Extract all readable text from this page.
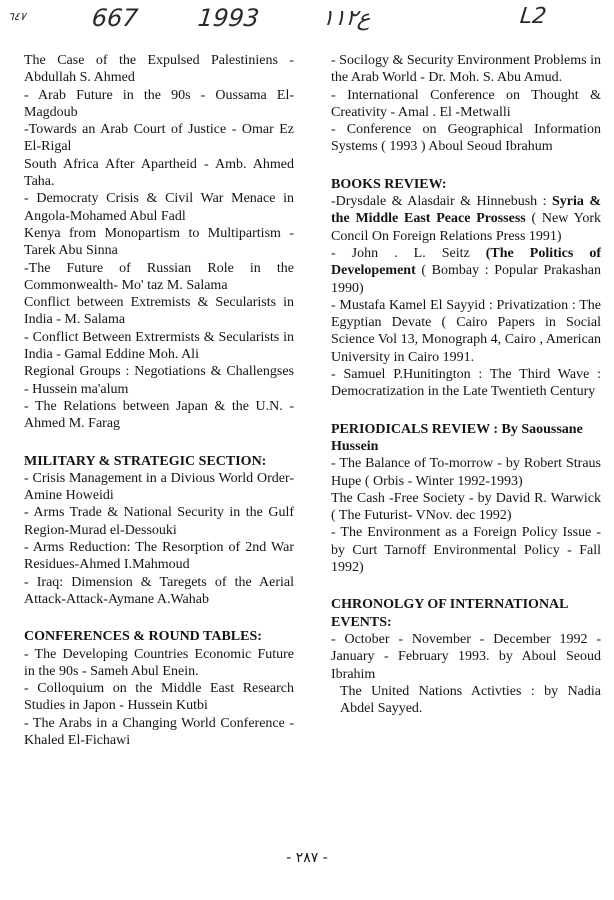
٦٤٧	667 1993	ع١١٢	L2

The Case of the Expulsed Palestiniens - Abdullah S. Ahmed

- Arab Future in the 90s - Oussama El-Magdoub

-Towards an Arab Court of Justice - Omar Ez El-Rigal

South Africa After Apartheid - Amb. Ahmed Taha.

- Democraty Crisis & Civil War Menace in Angola-Mohamed Abul Fadl

Kenya from Monopartism to Multipartism - Tarek Abu Sinna

-The Future of Russian Role in the Commonwealth- Mo' taz M. Salama

Conflict between Extremists & Secularists in India - M. Salama

- Conflict Between Extrermists & Secularists in India - Gamal Eddine Moh. Ali

Regional Groups : Negotiations & Challengses - Hussein ma'alum

- The Relations between Japan & the U.N. - Ahmed M. Farag

MILITARY & STRATEGIC SECTION:

- Crisis Management in a Divious World Order-Amine Howeidi

- Arms Trade & National Security in the Gulf Region-Murad el-Dessouki

- Arms Reduction: The Resorption of 2nd War Residues-Ahmed I.Mahmoud

- Iraq: Dimension & Taregets of the Aerial Attack-Attack-Aymane A.Wahab

CONFERENCES & ROUND TABLES:

- The Developing Countries Economic Future in the 90s - Sameh Abul Enein.

- Colloquium on the Middle East Research Studies in Japon - Hussein Kutbi

- The Arabs in a Changing World Conference - Khaled El-Fichawi

- Socilogy & Security Environment Problems in the Arab World - Dr. Moh. S. Abu Amud.

- International Conference on Thought & Creativity - Amal . El -Metwalli

- Conference on Geographical Information Systems ( 1993 ) Aboul Seoud Ibrahum

BOOKS REVIEW:

-Drysdale & Alasdair & Hinnebush : Syria & the Middle East Peace Prossess ( New York Concil On Foreign Relations Press 1991)

- John . L. Seitz (The Politics of Developement ( Bombay : Popular Prakashan 1990)

- Mustafa Kamel El Sayyid : Privatization : The Egyptian Devate ( Cairo Papers in Social Science Vol 13, Monograph 4, Cairo , American University in Cairo 1991.

- Samuel P.Hunitington : The Third Wave : Democratization in the Late Twentieth Century

PERIODICALS REVIEW : By Saoussane Hussein

- The Balance of To-morrow - by Robert Straus Hupe ( Orbis - Winter 1992-1993)

The Cash -Free Society - by David R. Warwick ( The Futurist- VNov. dec 1992)

- The Environment as a Foreign Policy Issue - by Curt Tarnoff Environmental Policy - Fall 1992)

CHRONOLGY OF INTERNATIONAL EVENTS:

- October - November - December 1992 - January - February 1993. by Aboul Seoud Ibrahim

The United Nations Activties : by Nadia Abdel Sayyed.

- ٢٨٧ -
